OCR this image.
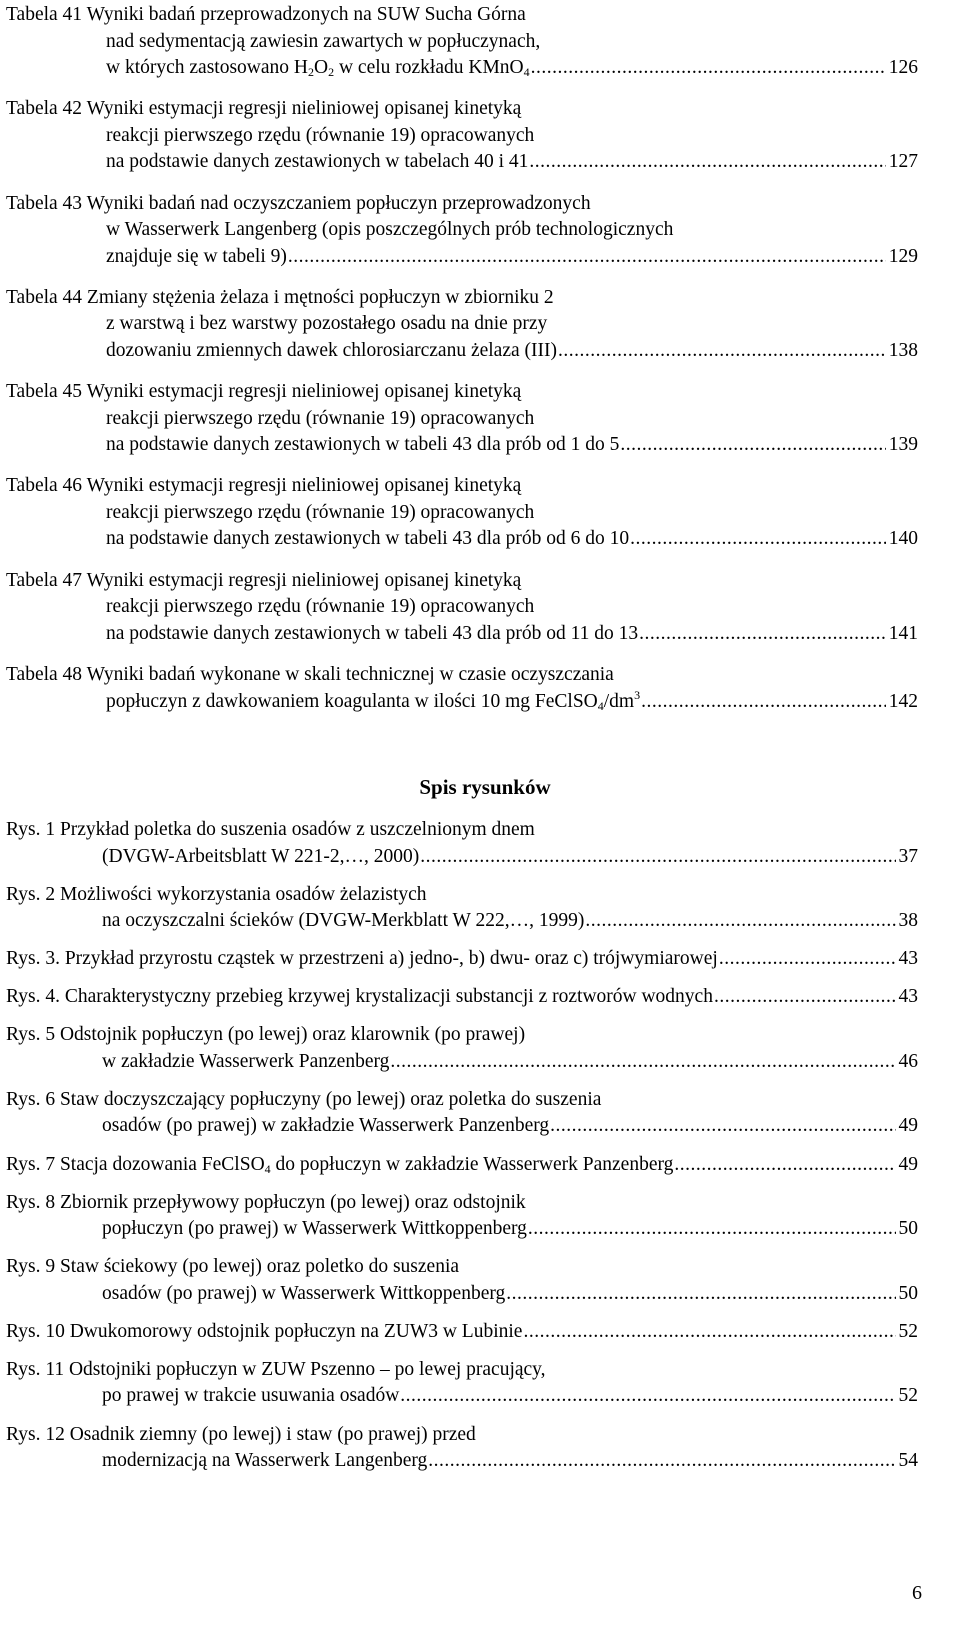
Tabela 41 Wyniki badań przeprowadzonych na SUW Sucha Górna
nad sedymentacją zawiesin zawartych w popłuczynach,
w których zastosowano $H_2O_2$ w celu rozkładu KMnO$_4$ .....	126
Tabela 42 Wyniki estymacji regresji nieliniowej opisanej kinetyką
reakcji pierwszego rzędu (równanie 19) opracowanych
na podstawie danych zestawionych w tabelach 40 i 41 .....	127
Tabela 43 Wyniki badań nad oczyszczaniem popłuczyn przeprowadzonych
w Wasserwerk Langenberg (opis poszczególnych prób technologicznych
znajduje się w tabeli 9) .....	129
Tabela 44 Zmiany stężenia żelaza i mętności popłuczyn w zbiorniku 2
z warstwą i bez warstwy pozostałego osadu na dnie przy
dozowaniu zmiennych dawek chlorosiarczanu żelaza (III) .....	138
Tabela 45 Wyniki estymacji regresji nieliniowej opisanej kinetyką
reakcji pierwszego rzędu (równanie 19) opracowanych
na podstawie danych zestawionych w tabeli 43 dla prób od 1 do 5 .....	139
Tabela 46 Wyniki estymacji regresji nieliniowej opisanej kinetyką
reakcji pierwszego rzędu (równanie 19) opracowanych
na podstawie danych zestawionych w tabeli 43 dla prób od 6 do 10 .....	140
Tabela 47 Wyniki estymacji regresji nieliniowej opisanej kinetyką
reakcji pierwszego rzędu (równanie 19) opracowanych
na podstawie danych zestawionych w tabeli 43 dla prób od 11 do 13 .....	141
Tabela 48 Wyniki badań wykonane w skali technicznej w czasie oczyszczania
popłuczyn z dawkowaniem koagulanta w ilości 10 mg $FeClSO_4/dm^3$ .....	142
Spis rysunków
Rys. 1 Przykład poletka do suszenia osadów z uszczelnionym dnem
(DVGW-Arbeitsblatt W 221-2,…, 2000) .....	37
Rys. 2 Możliwości wykorzystania osadów żelazistych
na oczyszczalni ścieków (DVGW-Merkblatt W 222,…, 1999) .....	38
Rys. 3. Przykład przyrostu cząstek w przestrzeni a) jedno-, b) dwu- oraz c) trójwymiarowej .....	43
Rys. 4. Charakterystyczny przebieg krzywej krystalizacji substancji z roztworów wodnych .....	43
Rys. 5 Odstojnik popłuczyn (po lewej) oraz klarownik (po prawej)
w zakładzie Wasserwerk Panzenberg .....	46
Rys. 6 Staw doczyszczający popłuczyny (po lewej) oraz poletka do suszenia
osadów (po prawej) w zakładzie Wasserwerk Panzenberg .....	49
Rys. 7 Stacja dozowania FeClSO$_4$ do popłuczyn w zakładzie Wasserwerk Panzenberg .....	49
Rys. 8 Zbiornik przepływowy popłuczyn (po lewej) oraz odstojnik
popłuczyn (po prawej) w Wasserwerk Wittkoppenberg .....	50
Rys. 9 Staw ściekowy (po lewej) oraz poletko do suszenia
osadów (po prawej) w Wasserwerk Wittkoppenberg .....	50
Rys. 10 Dwukomorowy odstojnik popłuczyn na ZUW3 w Lubinie .....	52
Rys. 11 Odstojniki popłuczyn w ZUW Pszenno – po lewej pracujący,
po prawej w trakcie usuwania osadów .....	52
Rys. 12 Osadnik ziemny (po lewej) i staw (po prawej) przed
modernizacją na Wasserwerk Langenberg .....	54
6
